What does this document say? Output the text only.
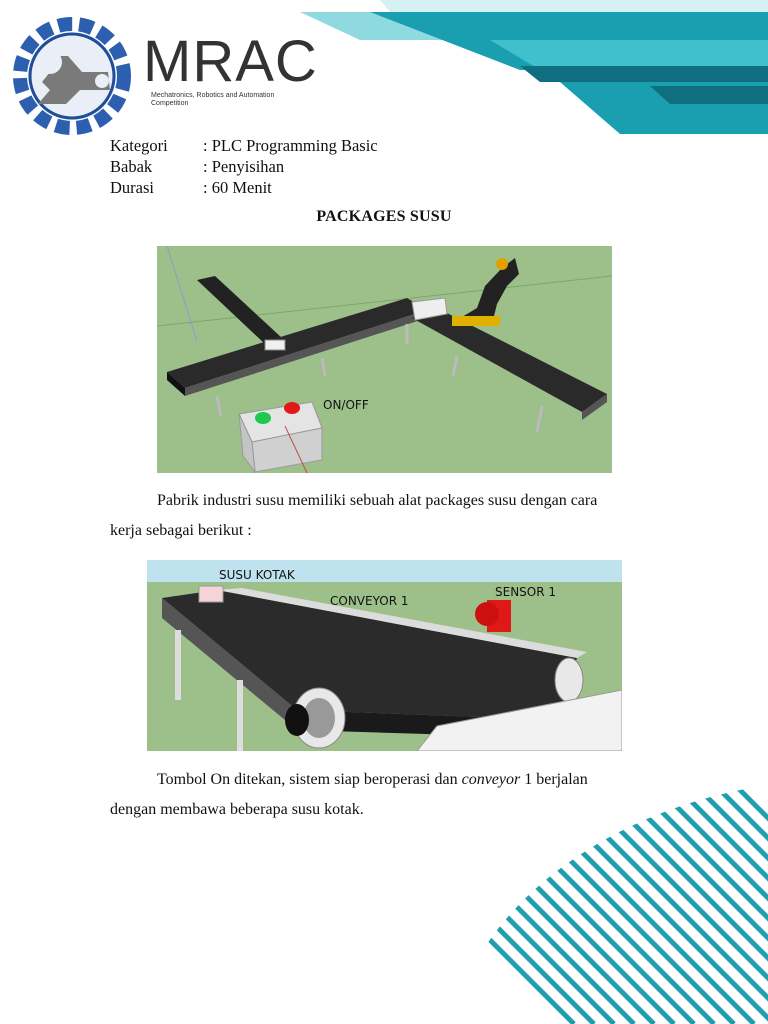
MRAC
Mechatronics, Robotics and Automation
Competition
Kategori : PLC Programming Basic
Babak	: Penyisihan
Durasi	: 60 Menit
PACKAGES SUSU
ON/OFF
Pabrik industri susu memiliki sebuah alat packages susu dengan cara
kerja sebagai berikut :
SUSU KOTAK
CONVEYOR 1
SENSOR 1
Tombol On ditekan, sistem siap beroperasi dan conveyor 1 berjalan
dengan membawa beberapa susu kotak.
